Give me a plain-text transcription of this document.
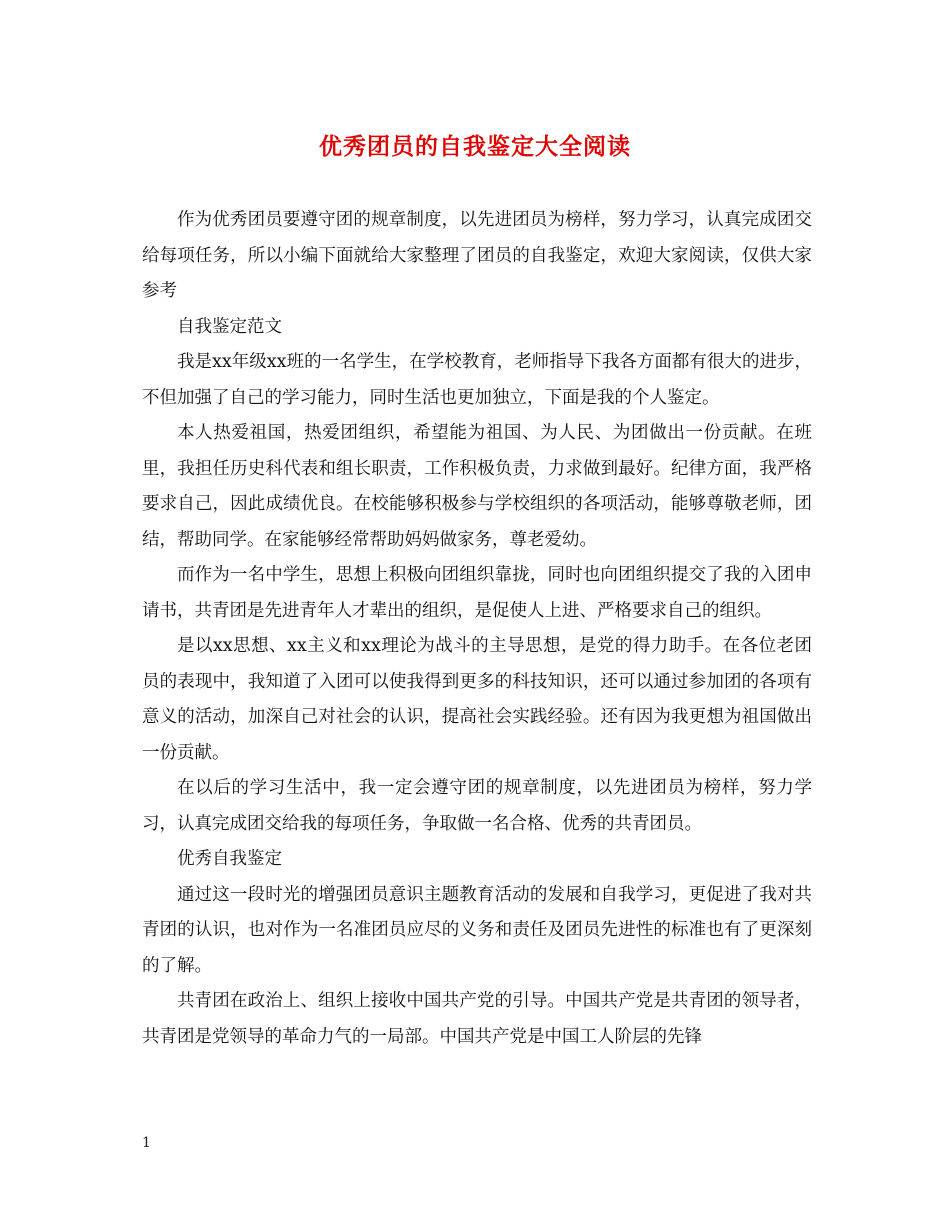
优秀团员的自我鉴定大全阅读

作为优秀团员要遵守团的规章制度，以先进团员为榜样，努力学习，认真完成团交给每项任务，所以小编下面就给大家整理了团员的自我鉴定，欢迎大家阅读，仅供大家参考

自我鉴定范文

我是xx年级xx班的一名学生，在学校教育，老师指导下我各方面都有很大的进步，不但加强了自己的学习能力，同时生活也更加独立，下面是我的个人鉴定。

本人热爱祖国，热爱团组织，希望能为祖国、为人民、为团做出一份贡献。在班里，我担任历史科代表和组长职责，工作积极负责，力求做到最好。纪律方面，我严格要求自己，因此成绩优良。在校能够积极参与学校组织的各项活动，能够尊敬老师，团结，帮助同学。在家能够经常帮助妈妈做家务，尊老爱幼。

而作为一名中学生，思想上积极向团组织靠拢，同时也向团组织提交了我的入团申请书，共青团是先进青年人才辈出的组织，是促使人上进、严格要求自己的组织。

是以xx思想、xx主义和xx理论为战斗的主导思想，是党的得力助手。在各位老团员的表现中，我知道了入团可以使我得到更多的科技知识，还可以通过参加团的各项有意义的活动，加深自己对社会的认识，提高社会实践经验。还有因为我更想为祖国做出一份贡献。

在以后的学习生活中，我一定会遵守团的规章制度，以先进团员为榜样，努力学习，认真完成团交给我的每项任务，争取做一名合格、优秀的共青团员。

优秀自我鉴定

通过这一段时光的增强团员意识主题教育活动的发展和自我学习，更促进了我对共青团的认识，也对作为一名准团员应尽的义务和责任及团员先进性的标准也有了更深刻的了解。

共青团在政治上、组织上接收中国共产党的引导。中国共产党是共青团的领导者，共青团是党领导的革命力气的一局部。中国共产党是中国工人阶层的先锋

1
